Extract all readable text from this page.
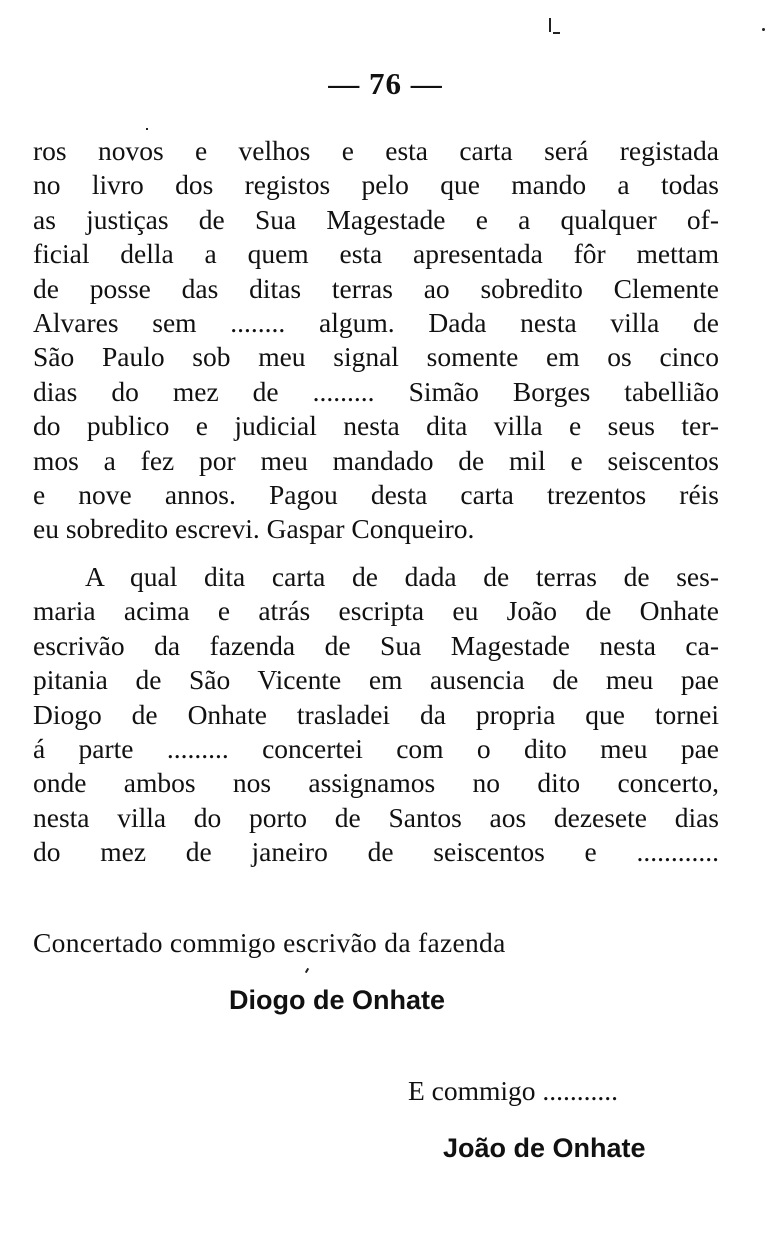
— 76 —
ros novos e velhos e esta carta será registada
no livro dos registos pelo que mando a todas
as justiças de Sua Magestade e a qualquer of-
ficial della a quem esta apresentada fôr mettam
de posse das ditas terras ao sobredito Clemente
Alvares sem ........ algum. Dada nesta villa de
São Paulo sob meu signal somente em os cinco
dias do mez de ......... Simão Borges tabellião
do publico e judicial nesta dita villa e seus ter-
mos a fez por meu mandado de mil e seiscentos
e nove annos. Pagou desta carta trezentos réis
eu sobredito escrevi. Gaspar Conqueiro.
A qual dita carta de dada de terras de ses-
maria acima e atrás escripta eu João de Onhate
escrivão da fazenda de Sua Magestade nesta ca-
pitania de São Vicente em ausencia de meu pae
Diogo de Onhate trasladei da propria que tornei
á parte ......... concertei com o dito meu pae
onde ambos nos assignamos no dito concerto,
nesta villa do porto de Santos aos dezesete dias
do mez de janeiro de seiscentos e ............
Concertado commigo escrivão da fazenda
Diogo de Onhate
E commigo ...........
João de Onhate
